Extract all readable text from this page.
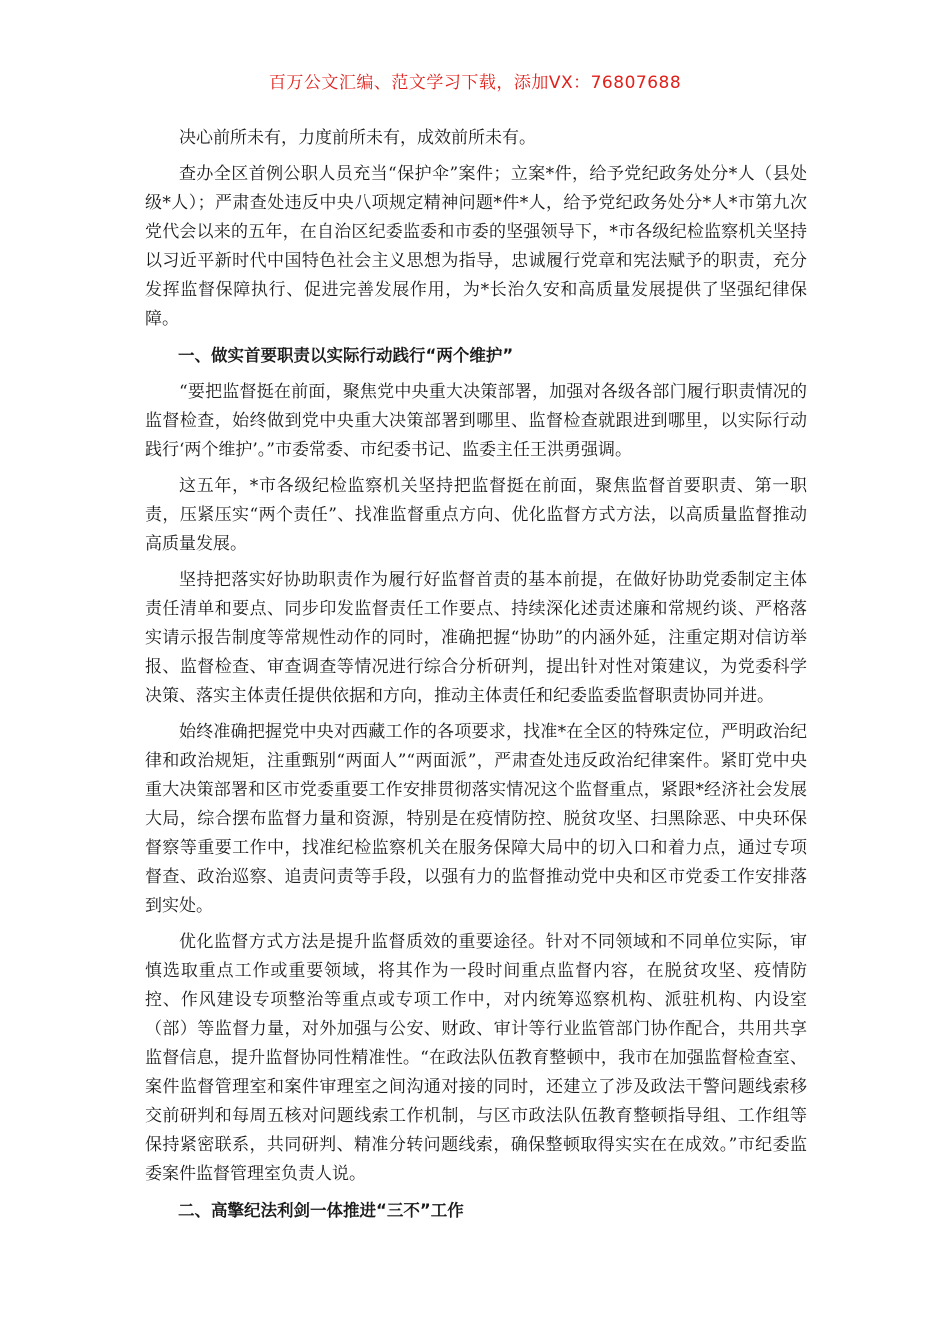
百万公文汇编、范文学习下载，添加VX：76807688

决心前所未有，力度前所未有，成效前所未有。

查办全区首例公职人员充当“保护伞”案件；立案*件，给予党纪政务处分*人（县处级*人）；严肃查处违反中央八项规定精神问题*件*人，给予党纪政务处分*人*市第九次党代会以来的五年，在自治区纪委监委和市委的坚强领导下，*市各级纪检监察机关坚持以习近平新时代中国特色社会主义思想为指导，忠诚履行党章和宪法赋予的职责，充分发挥监督保障执行、促进完善发展作用，为*长治久安和高质量发展提供了坚强纪律保障。

一、做实首要职责以实际行动践行“两个维护”

“要把监督挺在前面，聚焦党中央重大决策部署，加强对各级各部门履行职责情况的监督检查，始终做到党中央重大决策部署到哪里、监督检查就跟进到哪里，以实际行动践行‘两个维护’。”市委常委、市纪委书记、监委主任王洪勇强调。

这五年，*市各级纪检监察机关坚持把监督挺在前面，聚焦监督首要职责、第一职责，压紧压实“两个责任”、找准监督重点方向、优化监督方式方法，以高质量监督推动高质量发展。

坚持把落实好协助职责作为履行好监督首责的基本前提，在做好协助党委制定主体责任清单和要点、同步印发监督责任工作要点、持续深化述责述廉和常规约谈、严格落实请示报告制度等常规性动作的同时，准确把握“协助”的内涵外延，注重定期对信访举报、监督检查、审查调查等情况进行综合分析研判，提出针对性对策建议，为党委科学决策、落实主体责任提供依据和方向，推动主体责任和纪委监委监督职责协同并进。

始终准确把握党中央对西藏工作的各项要求，找准*在全区的特殊定位，严明政治纪律和政治规矩，注重甄别“两面人”“两面派”，严肃查处违反政治纪律案件。紧盯党中央重大决策部署和区市党委重要工作安排贯彻落实情况这个监督重点，紧跟*经济社会发展大局，综合摆布监督力量和资源，特别是在疫情防控、脱贫攻坚、扫黑除恶、中央环保督察等重要工作中，找准纪检监察机关在服务保障大局中的切入口和着力点，通过专项督查、政治巡察、追责问责等手段，以强有力的监督推动党中央和区市党委工作安排落到实处。

优化监督方式方法是提升监督质效的重要途径。针对不同领域和不同单位实际，审慎选取重点工作或重要领域，将其作为一段时间重点监督内容，在脱贫攻坚、疫情防控、作风建设专项整治等重点或专项工作中，对内统筹巡察机构、派驻机构、内设室（部）等监督力量，对外加强与公安、财政、审计等行业监管部门协作配合，共用共享监督信息，提升监督协同性精准性。“在政法队伍教育整顿中，我市在加强监督检查室、案件监督管理室和案件审理室之间沟通对接的同时，还建立了涉及政法干警问题线索移交前研判和每周五核对问题线索工作机制，与区市政法队伍教育整顿指导组、工作组等保持紧密联系，共同研判、精准分转问题线索，确保整顿取得实实在在成效。”市纪委监委案件监督管理室负责人说。

二、高擎纪法利剑一体推进“三不”工作
